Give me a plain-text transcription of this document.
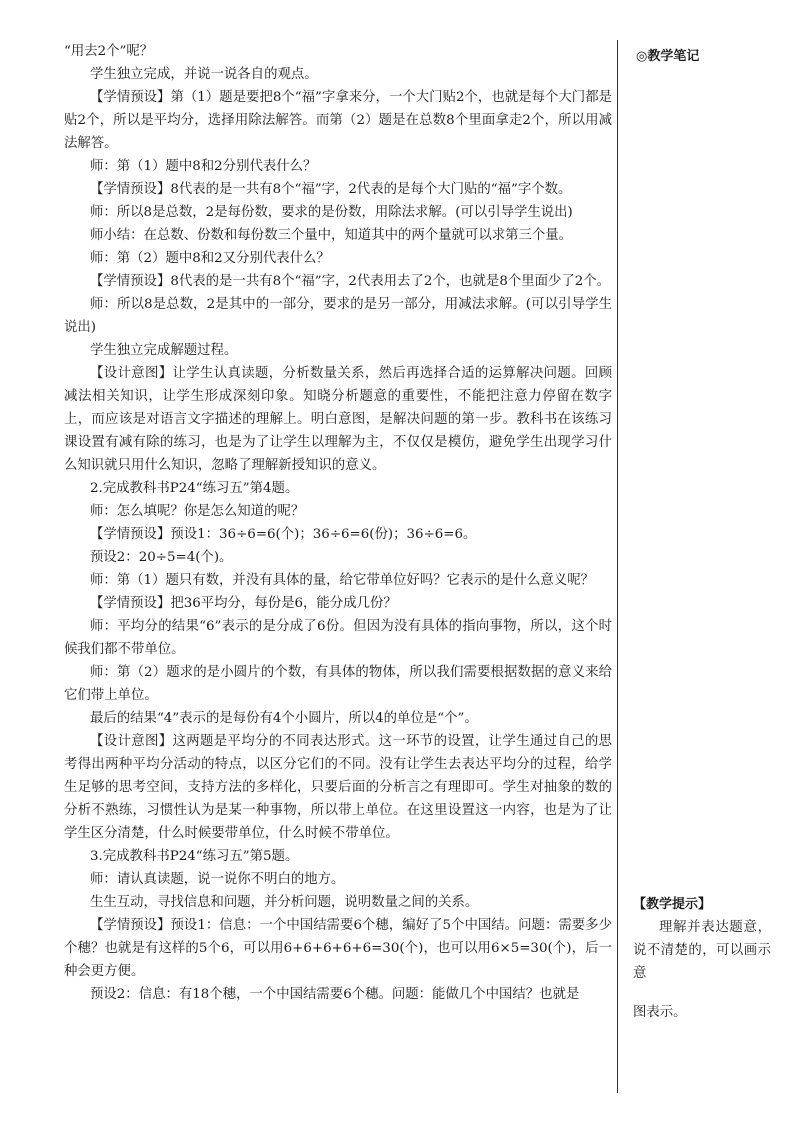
“用去2个”呢？

学生独立完成，并说一说各自的观点。

【学情预设】第（1）题是要把8个“福”字拿来分，一个大门贴2个，也就是每个大门都是贴2个，所以是平均分，选择用除法解答。而第（2）题是在总数8个里面拿走2个，所以用减法解答。

师：第（1）题中8和2分别代表什么？

【学情预设】8代表的是一共有8个“福”字，2代表的是每个大门贴的“福”字个数。

师：所以8是总数，2是每份数，要求的是份数，用除法求解。(可以引导学生说出)

师小结：在总数、份数和每份数三个量中，知道其中的两个量就可以求第三个量。

师：第（2）题中8和2又分别代表什么？

【学情预设】8代表的是一共有8个“福”字，2代表用去了2个，也就是8个里面少了2个。

师：所以8是总数，2是其中的一部分，要求的是另一部分，用减法求解。(可以引导学生说出)

学生独立完成解题过程。

【设计意图】让学生认真读题，分析数量关系，然后再选择合适的运算解决问题。回顾减法相关知识，让学生形成深刻印象。知晓分析题意的重要性，不能把注意力停留在数字上，而应该是对语言文字描述的理解上。明白意图，是解决问题的第一步。教科书在该练习课设置有减有除的练习，也是为了让学生以理解为主，不仅仅是模仿，避免学生出现学习什么知识就只用什么知识，忽略了理解新授知识的意义。

2.完成教科书P24“练习五”第4题。

师：怎么填呢？你是怎么知道的呢？

【学情预设】预设1：36÷6=6(个)；36÷6=6(份)；36÷6=6。

预设2：20÷5=4(个)。

师：第（1）题只有数，并没有具体的量，给它带单位好吗？它表示的是什么意义呢？

【学情预设】把36平均分，每份是6，能分成几份？

师：平均分的结果“6”表示的是分成了6份。但因为没有具体的指向事物，所以，这个时候我们都不带单位。

师：第（2）题求的是小圆片的个数，有具体的物体，所以我们需要根据数据的意义来给它们带上单位。

最后的结果“4”表示的是每份有4个小圆片，所以4的单位是“个”。

【设计意图】这两题是平均分的不同表达形式。这一环节的设置，让学生通过自己的思考得出两种平均分活动的特点，以区分它们的不同。没有让学生去表达平均分的过程，给学生足够的思考空间，支持方法的多样化，只要后面的分析言之有理即可。学生对抽象的数的分析不熟练，习惯性认为是某一种事物，所以带上单位。在这里设置这一内容，也是为了让学生区分清楚，什么时候要带单位，什么时候不带单位。

3.完成教科书P24“练习五”第5题。

师：请认真读题，说一说你不明白的地方。

生生互动，寻找信息和问题，并分析问题，说明数量之间的关系。

【学情预设】预设1：信息：一个中国结需要6个穗，编好了5个中国结。问题：需要多少个穗？也就是有这样的5个6，可以用6+6+6+6+6=30(个)，也可以用6×5=30(个)，后一种会更方便。

预设2：信息：有18个穗，一个中国结需要6个穗。问题：能做几个中国结？也就是

◎教学笔记
【教学提示】
理解并表达题意，说不清楚的，可以画示意
图表示。
